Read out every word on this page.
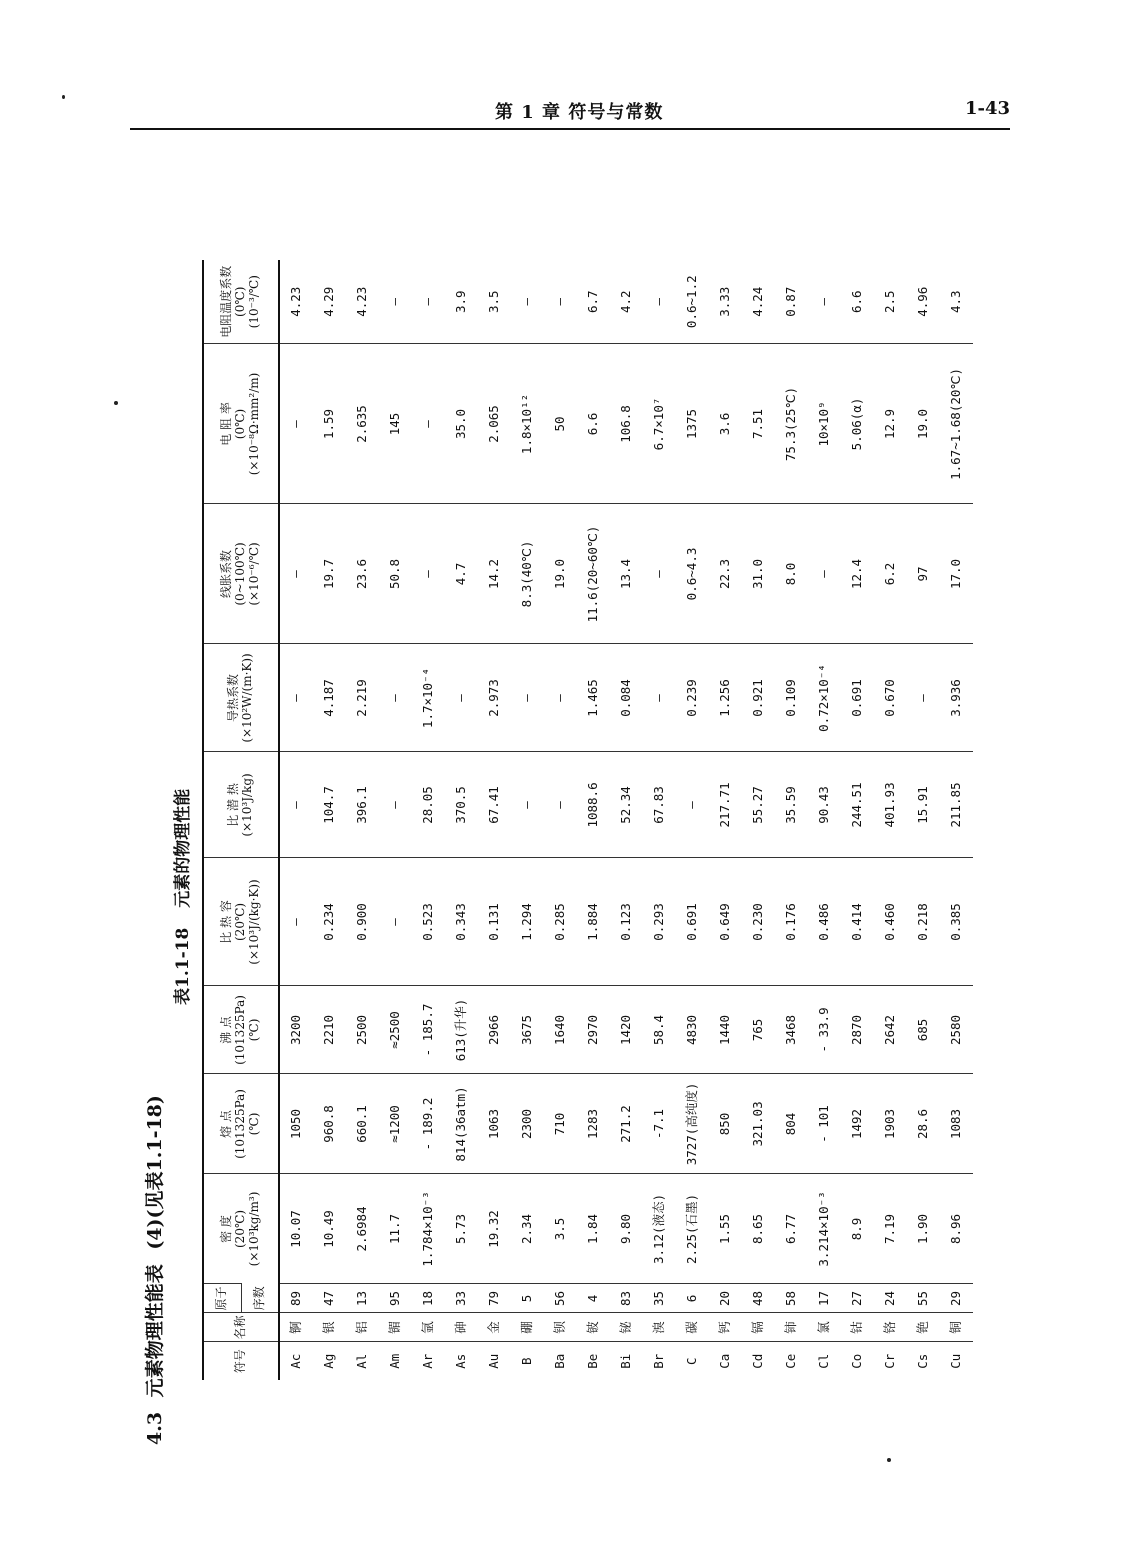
第 1 章 符号与常数	1-43
4.3 元素物理性能表 (4)(见表1.1-18)
表1.1-18 元素的物理性能
符号	名称	原子	密 度 (20℃) (×10³kg/m³)	熔 点 (101325Pa) (℃)	沸 点 (101325Pa) (℃)	比 热 容 (20℃) (×10³J/(kg·K))	比 潜 热 (×10³J/kg)	导热系数 (×10²W/(m·K))	线胀系数 (0~100℃) (×10⁻⁶/℃)	电 阻 率 (0℃) (×10⁻⁸Ω·mm²/m)	电阻温度系数 (0℃) (10⁻³/℃)

		序数									
Ac	锕	89	10.07	1050	3200	—	—	—	—	—	4.23
Ag	银	47	10.49	960.8	2210	0.234	104.7	4.187	19.7	1.59	4.29
Al	铝	13	2.6984	660.1	2500	0.900	396.1	2.219	23.6	2.635	4.23
Am	镅	95	11.7	≈1200	≈2500	—	—	—	50.8	145	—
Ar	氩	18	1.784×10⁻³	- 189.2	- 185.7	0.523	28.05	1.7×10⁻⁴	—	—	—
As	砷	33	5.73	814(36atm)	613(升华)	0.343	370.5	—	4.7	35.0	3.9
Au	金	79	19.32	1063	2966	0.131	67.41	2.973	14.2	2.065	3.5
B	硼	5	2.34	2300	3675	1.294	—	—	8.3(40℃)	1.8×10¹²	—
Ba	钡	56	3.5	710	1640	0.285	—	—	19.0	50	—
Be	铍	4	1.84	1283	2970	1.884	1088.6	1.465	11.6(20~60℃)	6.6	6.7
Bi	铋	83	9.80	271.2	1420	0.123	52.34	0.084	13.4	106.8	4.2
Br	溴	35	3.12(液态)	-7.1	58.4	0.293	67.83	—	—	6.7×10⁷	—
C	碳	6	2.25(石墨)	3727(高纯度)	4830	0.691	—	0.239	0.6~4.3	1375	0.6~1.2
Ca	钙	20	1.55	850	1440	0.649	217.71	1.256	22.3	3.6	3.33
Cd	镉	48	8.65	321.03	765	0.230	55.27	0.921	31.0	7.51	4.24
Ce	铈	58	6.77	804	3468	0.176	35.59	0.109	8.0	75.3(25℃)	0.87
Cl	氯	17	3.214×10⁻³	- 101	- 33.9	0.486	90.43	0.72×10⁻⁴	—	10×10⁹	—
Co	钴	27	8.9	1492	2870	0.414	244.51	0.691	12.4	5.06(α)	6.6
Cr	铬	24	7.19	1903	2642	0.460	401.93	0.670	6.2	12.9	2.5
Cs	铯	55	1.90	28.6	685	0.218	15.91	—	97	19.0	4.96
Cu	铜	29	8.96	1083	2580	0.385	211.85	3.936	17.0	1.67~1.68(20℃)	4.3
